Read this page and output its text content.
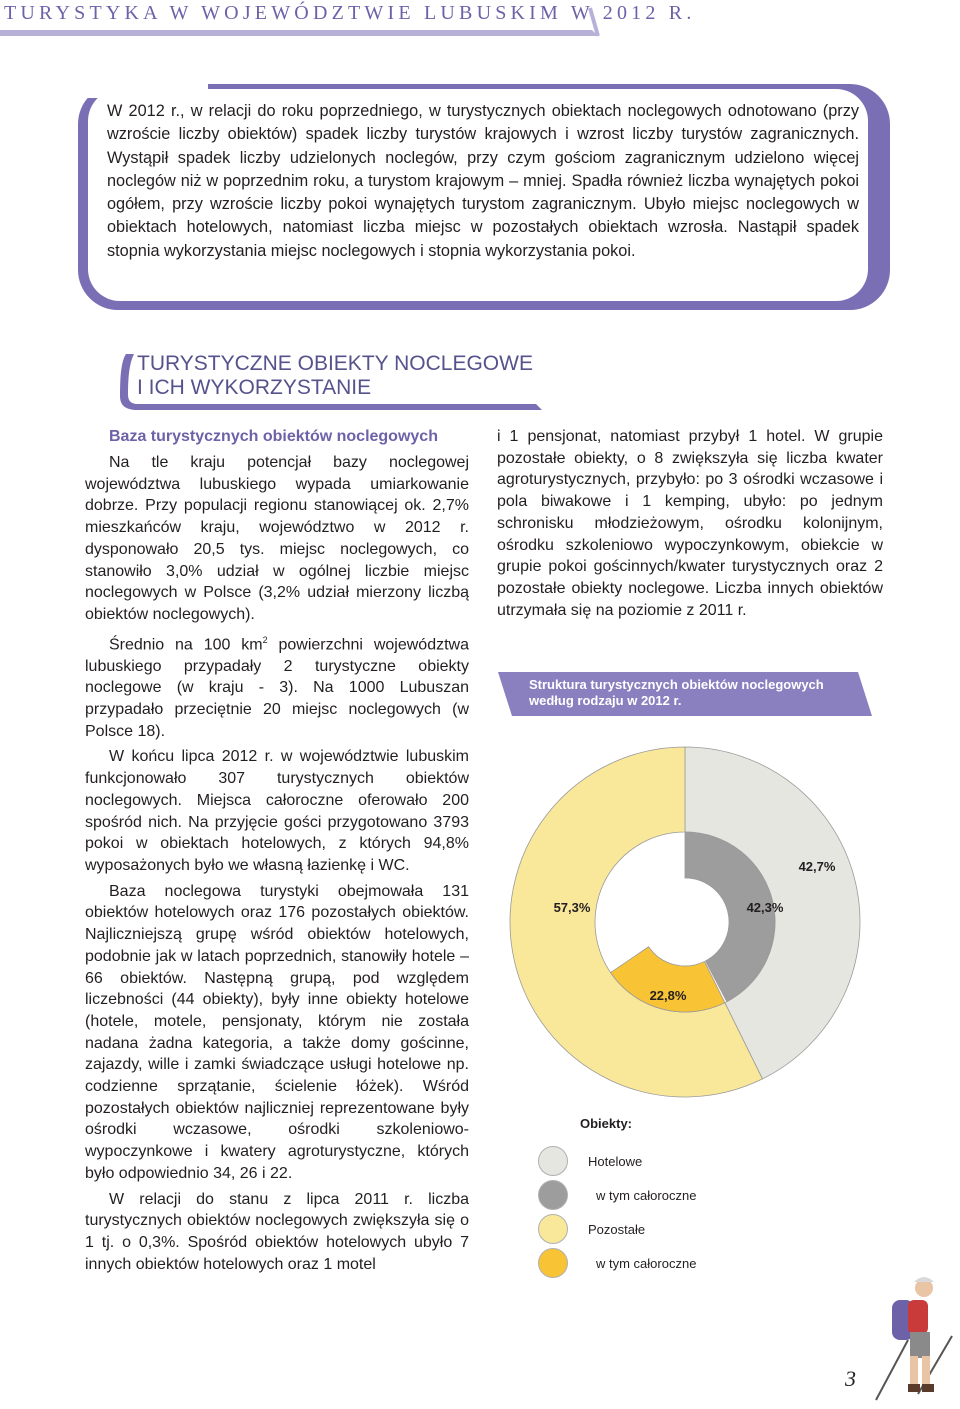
TURYSTYKA W WOJEWÓDZTWIE LUBUSKIM W 2012 R.
W 2012 r., w relacji do roku poprzedniego, w turystycznych obiektach noclegowych odnotowano (przy wzroście liczby obiektów) spadek liczby turystów krajowych i wzrost liczby turystów zagranicznych. Wystąpił spadek liczby udzielonych noclegów, przy czym gościom zagranicznym udzielono więcej noclegów niż w poprzednim roku, a turystom krajowym – mniej. Spadła również liczba wynajętych pokoi ogółem, przy wzroście liczby pokoi wynajętych turystom zagranicznym. Ubyło miejsc noclegowych w obiektach hotelowych, natomiast liczba miejsc w pozostałych obiektach wzrosła. Nastąpił spadek stopnia wykorzystania miejsc noclegowych i stopnia wykorzystania pokoi.
TURYSTYCZNE OBIEKTY NOCLEGOWE
I ICH WYKORZYSTANIE
Baza turystycznych obiektów noclegowych

Na tle kraju potencjał bazy noclegowej województwa lubuskiego wypada umiarkowanie dobrze. Przy populacji regionu stanowiącej ok. 2,7% mieszkańców kraju, województwo w 2012 r. dysponowało 20,5 tys. miejsc noclegowych, co stanowiło 3,0% udział w ogólnej liczbie miejsc noclegowych w Polsce (3,2% udział mierzony liczbą obiektów noclegowych).

Średnio na 100 $km^2$ powierzchni województwa lubuskiego przypadały 2 turystyczne obiekty noclegowe (w kraju - 3). Na 1000 Lubuszan przypadało przeciętnie 20 miejsc noclegowych (w Polsce 18).

W końcu lipca 2012 r. w województwie lubuskim funkcjonowało 307 turystycznych obiektów noclegowych. Miejsca całoroczne oferowało 200 spośród nich. Na przyjęcie gości przygotowano 3793 pokoi w obiektach hotelowych, z których 94,8% wyposażonych było we własną łazienkę i WC.

Baza noclegowa turystyki obejmowała 131 obiektów hotelowych oraz 176 pozostałych obiektów. Najliczniejszą grupę wśród obiektów hotelowych, podobnie jak w latach poprzednich, stanowiły hotele – 66 obiektów. Następną grupą, pod względem liczebności (44 obiekty), były inne obiekty hotelowe (hotele, motele, pensjonaty, którym nie została nadana żadna kategoria, a także domy gościnne, zajazdy, wille i zamki świadczące usługi hotelowe np. codzienne sprzątanie, ścielenie łóżek). Wśród pozostałych obiektów najliczniej reprezentowane były ośrodki wczasowe, ośrodki szkoleniowo-wypoczynkowe i kwatery agroturystyczne, których było odpowiednio 34, 26 i 22.

W relacji do stanu z lipca 2011 r. liczba turystycznych obiektów noclegowych zwiększyła się o 1 tj. o 0,3%. Spośród obiektów hotelowych ubyło 7 innych obiektów hotelowych oraz 1 motel

i 1 pensjonat, natomiast przybył 1 hotel. W grupie pozostałe obiekty, o 8 zwiększyła się liczba kwater agroturystycznych, przybyło: po 3 ośrodki wczasowe i pola biwakowe i 1 kemping, ubyło: po jednym schronisku młodzieżowym, ośrodku kolonijnym, ośrodku szkoleniowo wypoczynkowym, obiekcie w grupie pokoi gościnnych/kwater turystycznych oraz 2 pozostałe obiekty noclegowe. Liczba innych obiektów utrzymała się na poziomie z 2011 r.

Struktura turystycznych obiektów noclegowych według rodzaju w 2012 r.
42,7%
57,3%	42,3%
22,8%
Obiekty:
Hotelowe
w tym całoroczne
Pozostałe
w tym całoroczne
3
